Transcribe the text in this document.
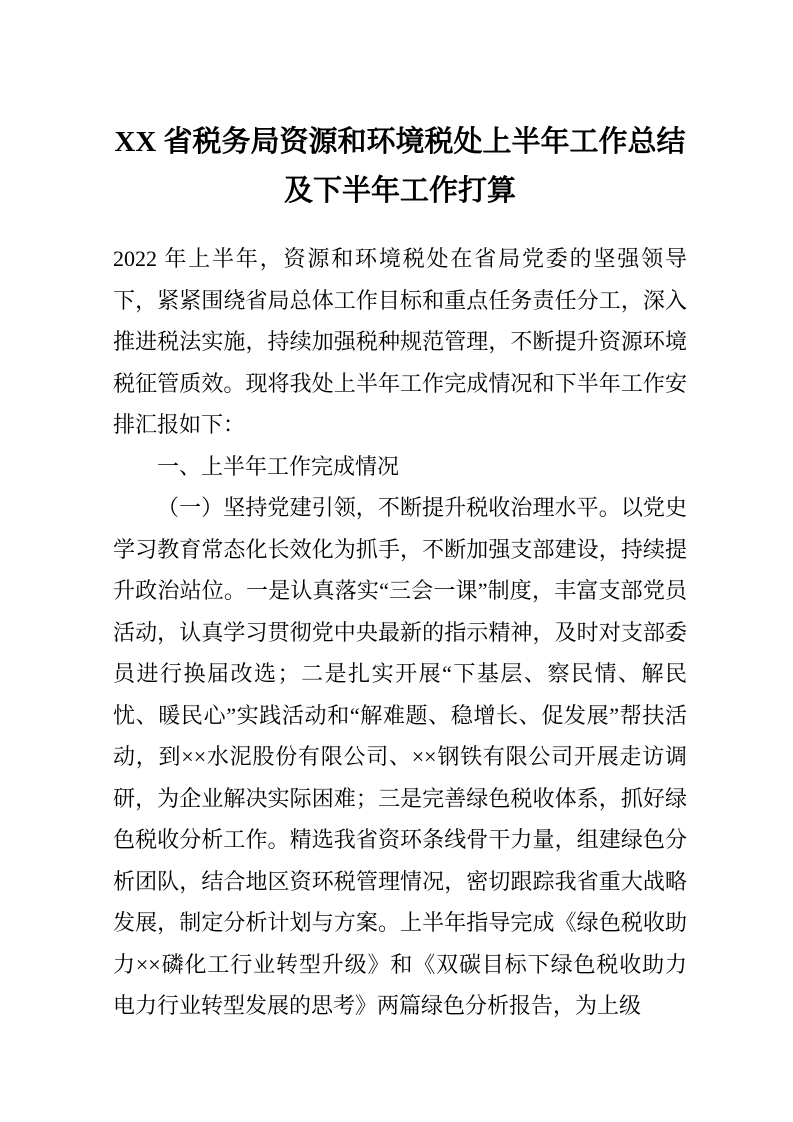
XX 省税务局资源和环境税处上半年工作总结及下半年工作打算

2022 年上半年，资源和环境税处在省局党委的坚强领导下，紧紧围绕省局总体工作目标和重点任务责任分工，深入推进税法实施，持续加强税种规范管理，不断提升资源环境税征管质效。现将我处上半年工作完成情况和下半年工作安排汇报如下：

一、上半年工作完成情况

（一）坚持党建引领，不断提升税收治理水平。以党史学习教育常态化长效化为抓手，不断加强支部建设，持续提升政治站位。一是认真落实“三会一课”制度，丰富支部党员活动，认真学习贯彻党中央最新的指示精神，及时对支部委员进行换届改选；二是扎实开展“下基层、察民情、解民忧、暖民心”实践活动和“解难题、稳增长、促发展”帮扶活动，到××水泥股份有限公司、××钢铁有限公司开展走访调研，为企业解决实际困难；三是完善绿色税收体系，抓好绿色税收分析工作。精选我省资环条线骨干力量，组建绿色分析团队，结合地区资环税管理情况，密切跟踪我省重大战略发展，制定分析计划与方案。上半年指导完成《绿色税收助力××磷化工行业转型升级》和《双碳目标下绿色税收助力电力行业转型发展的思考》两篇绿色分析报告，为上级
